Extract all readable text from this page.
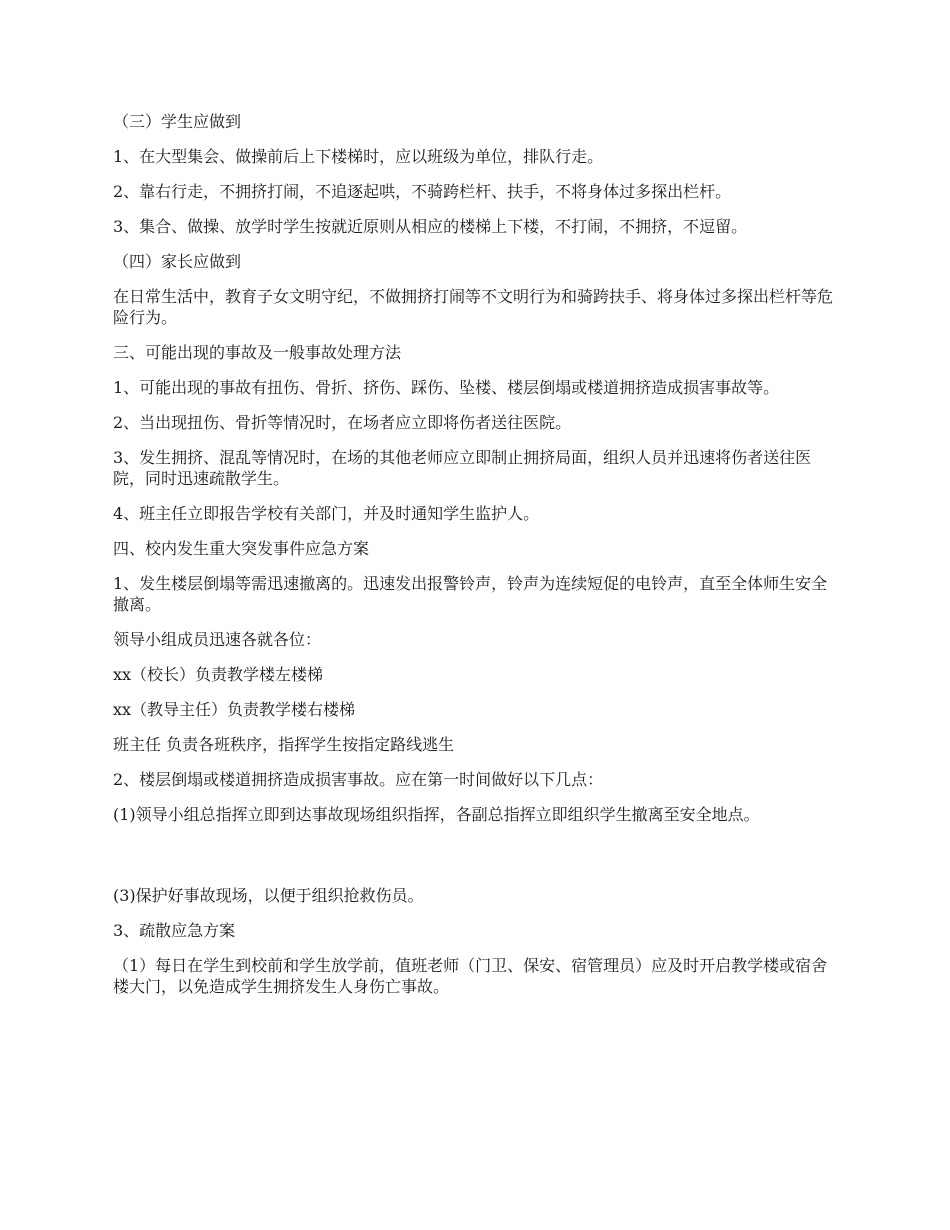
（三）学生应做到

1、在大型集会、做操前后上下楼梯时，应以班级为单位，排队行走。

2、靠右行走，不拥挤打闹，不追逐起哄，不骑跨栏杆、扶手，不将身体过多探出栏杆。

3、集合、做操、放学时学生按就近原则从相应的楼梯上下楼，不打闹，不拥挤，不逗留。

（四）家长应做到

在日常生活中，教育子女文明守纪，不做拥挤打闹等不文明行为和骑跨扶手、将身体过多探出栏杆等危险行为。

三、可能出现的事故及一般事故处理方法

1、可能出现的事故有扭伤、骨折、挤伤、踩伤、坠楼、楼层倒塌或楼道拥挤造成损害事故等。

2、当出现扭伤、骨折等情况时，在场者应立即将伤者送往医院。

3、发生拥挤、混乱等情况时，在场的其他老师应立即制止拥挤局面，组织人员并迅速将伤者送往医院，同时迅速疏散学生。

4、班主任立即报告学校有关部门，并及时通知学生监护人。

四、校内发生重大突发事件应急方案

1、发生楼层倒塌等需迅速撤离的。迅速发出报警铃声，铃声为连续短促的电铃声，直至全体师生安全撤离。

领导小组成员迅速各就各位：

xx（校长）负责教学楼左楼梯

xx（教导主任）负责教学楼右楼梯

班主任 负责各班秩序，指挥学生按指定路线逃生

2、楼层倒塌或楼道拥挤造成损害事故。应在第一时间做好以下几点：

(1)领导小组总指挥立即到达事故现场组织指挥，各副总指挥立即组织学生撤离至安全地点。

(3)保护好事故现场，以便于组织抢救伤员。

3、疏散应急方案

（1）每日在学生到校前和学生放学前，值班老师（门卫、保安、宿管理员）应及时开启教学楼或宿舍楼大门，以免造成学生拥挤发生人身伤亡事故。
